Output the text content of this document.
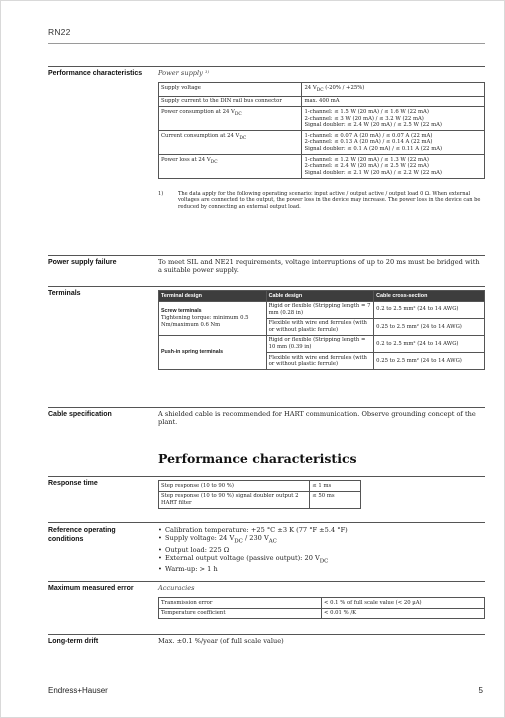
RN22
Performance characteristics	Power supply ¹⁾
Supply voltage	24 $V_{DC}$ (-20% / +25%)
Supply current to the DIN rail bus connector	max. 400 mA
Power consumption at 24 $V_{DC}$	1-channel: ≤ 1.5 W (20 mA) / ≤ 1.6 W (22 mA)
2-channel: ≤ 3 W (20 mA) / ≤ 3.2 W (22 mA)
Signal doubler: ≤ 2.4 W (20 mA) / ≤ 2.5 W (22 mA)

Current consumption at 24 $V_{DC}$	1-channel: ≤ 0.07 A (20 mA) / ≤ 0.07 A (22 mA)
2-channel: ≤ 0.13 A (20 mA) / ≤ 0.14 A (22 mA)
Signal doubler: ≤ 0.1 A (20 mA) / ≤ 0.11 A (22 mA)

Power loss at 24 $V_{DC}$	1-channel: ≤ 1.2 W (20 mA) / ≤ 1.3 W (22 mA)
2-channel: ≤ 2.4 W (20 mA) / ≤ 2.5 W (22 mA)
Signal doubler: ≤ 2.1 W (20 mA) / ≤ 2.2 W (22 mA)
1)	The data apply for the following operating scenario: input active / output active / output load 0 Ω. When external voltages are connected to the output, the power loss in the device may increase. The power loss in the device can be reduced by connecting an external output load.
Power supply failure	To meet SIL and NE21 requirements, voltage interruptions of up to 20 ms must be bridged with a suitable power supply.
Terminals	Terminal design	Cable design	Cable cross-section

Screw terminals
Tightening torque: minimum 0.5 Nm/maximum 0.6 Nm	Rigid or flexible (Stripping length = 7 mm (0.28 in)	0.2 to 2.5 mm² (24 to 14 AWG)
	Flexible with wire end ferrules (with or without plastic ferrule)	0.25 to 2.5 mm² (24 to 14 AWG)

Push-in spring terminals	Rigid or flexible (Stripping length = 10 mm (0.39 in)	0.2 to 2.5 mm² (24 to 14 AWG)
	Flexible with wire end ferrules (with or without plastic ferrule)	0.25 to 2.5 mm² (24 to 14 AWG)
Cable specification	A shielded cable is recommended for HART communication. Observe grounding concept of the plant.
Performance characteristics
Response time	Step response (10 to 90 %)	≤ 1 ms
Step response (10 to 90 %) signal doubler output 2 HART filter	≤ 50 ms
Reference operating conditions
• Calibration temperature: +25 °C ±3 K (77 °F ±5.4 °F)
• Supply voltage: 24 $V_{DC} / 230$ $V_{AC}$
• Output load: 225 Ω
• External output voltage (passive output): 20 $V_{DC}$
• Warm-up: > 1 h
Maximum measured error	Accuracies
Transmission error	< 0.1 % of full scale value (< 20 µA)
Temperature coefficient	< 0.01 % /K
Long-term drift	Max. ±0.1 %/year (of full scale value)
Endress+Hauser	5
